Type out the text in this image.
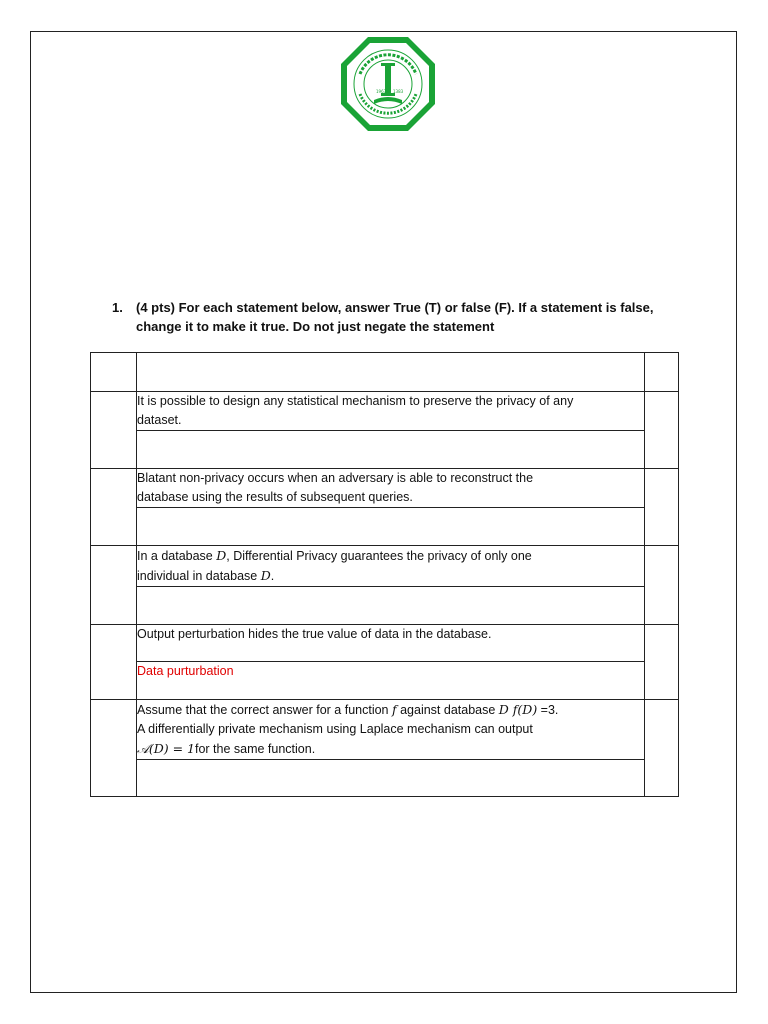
1963 1383
1. (4 pts) For each statement below, answer True (T) or false (F). If a statement is false,
change it to make it true. Do not just negate the statement

	It is possible to design any statistical mechanism to preserve the privacy of any
dataset.	

	Blatant non-privacy occurs when an adversary is able to reconstruct the
database using the results of subsequent queries.	

	In a database D, Differential Privacy guarantees the privacy of only one
individual in database D.	

	Output perturbation hides the true value of data in the database.	

	Data purturbation	

	Assume that the correct answer for a function f against database D f(D) =3.
A differentially private mechanism using Laplace mechanism can output
𝒜(D) = 1for the same function.	
